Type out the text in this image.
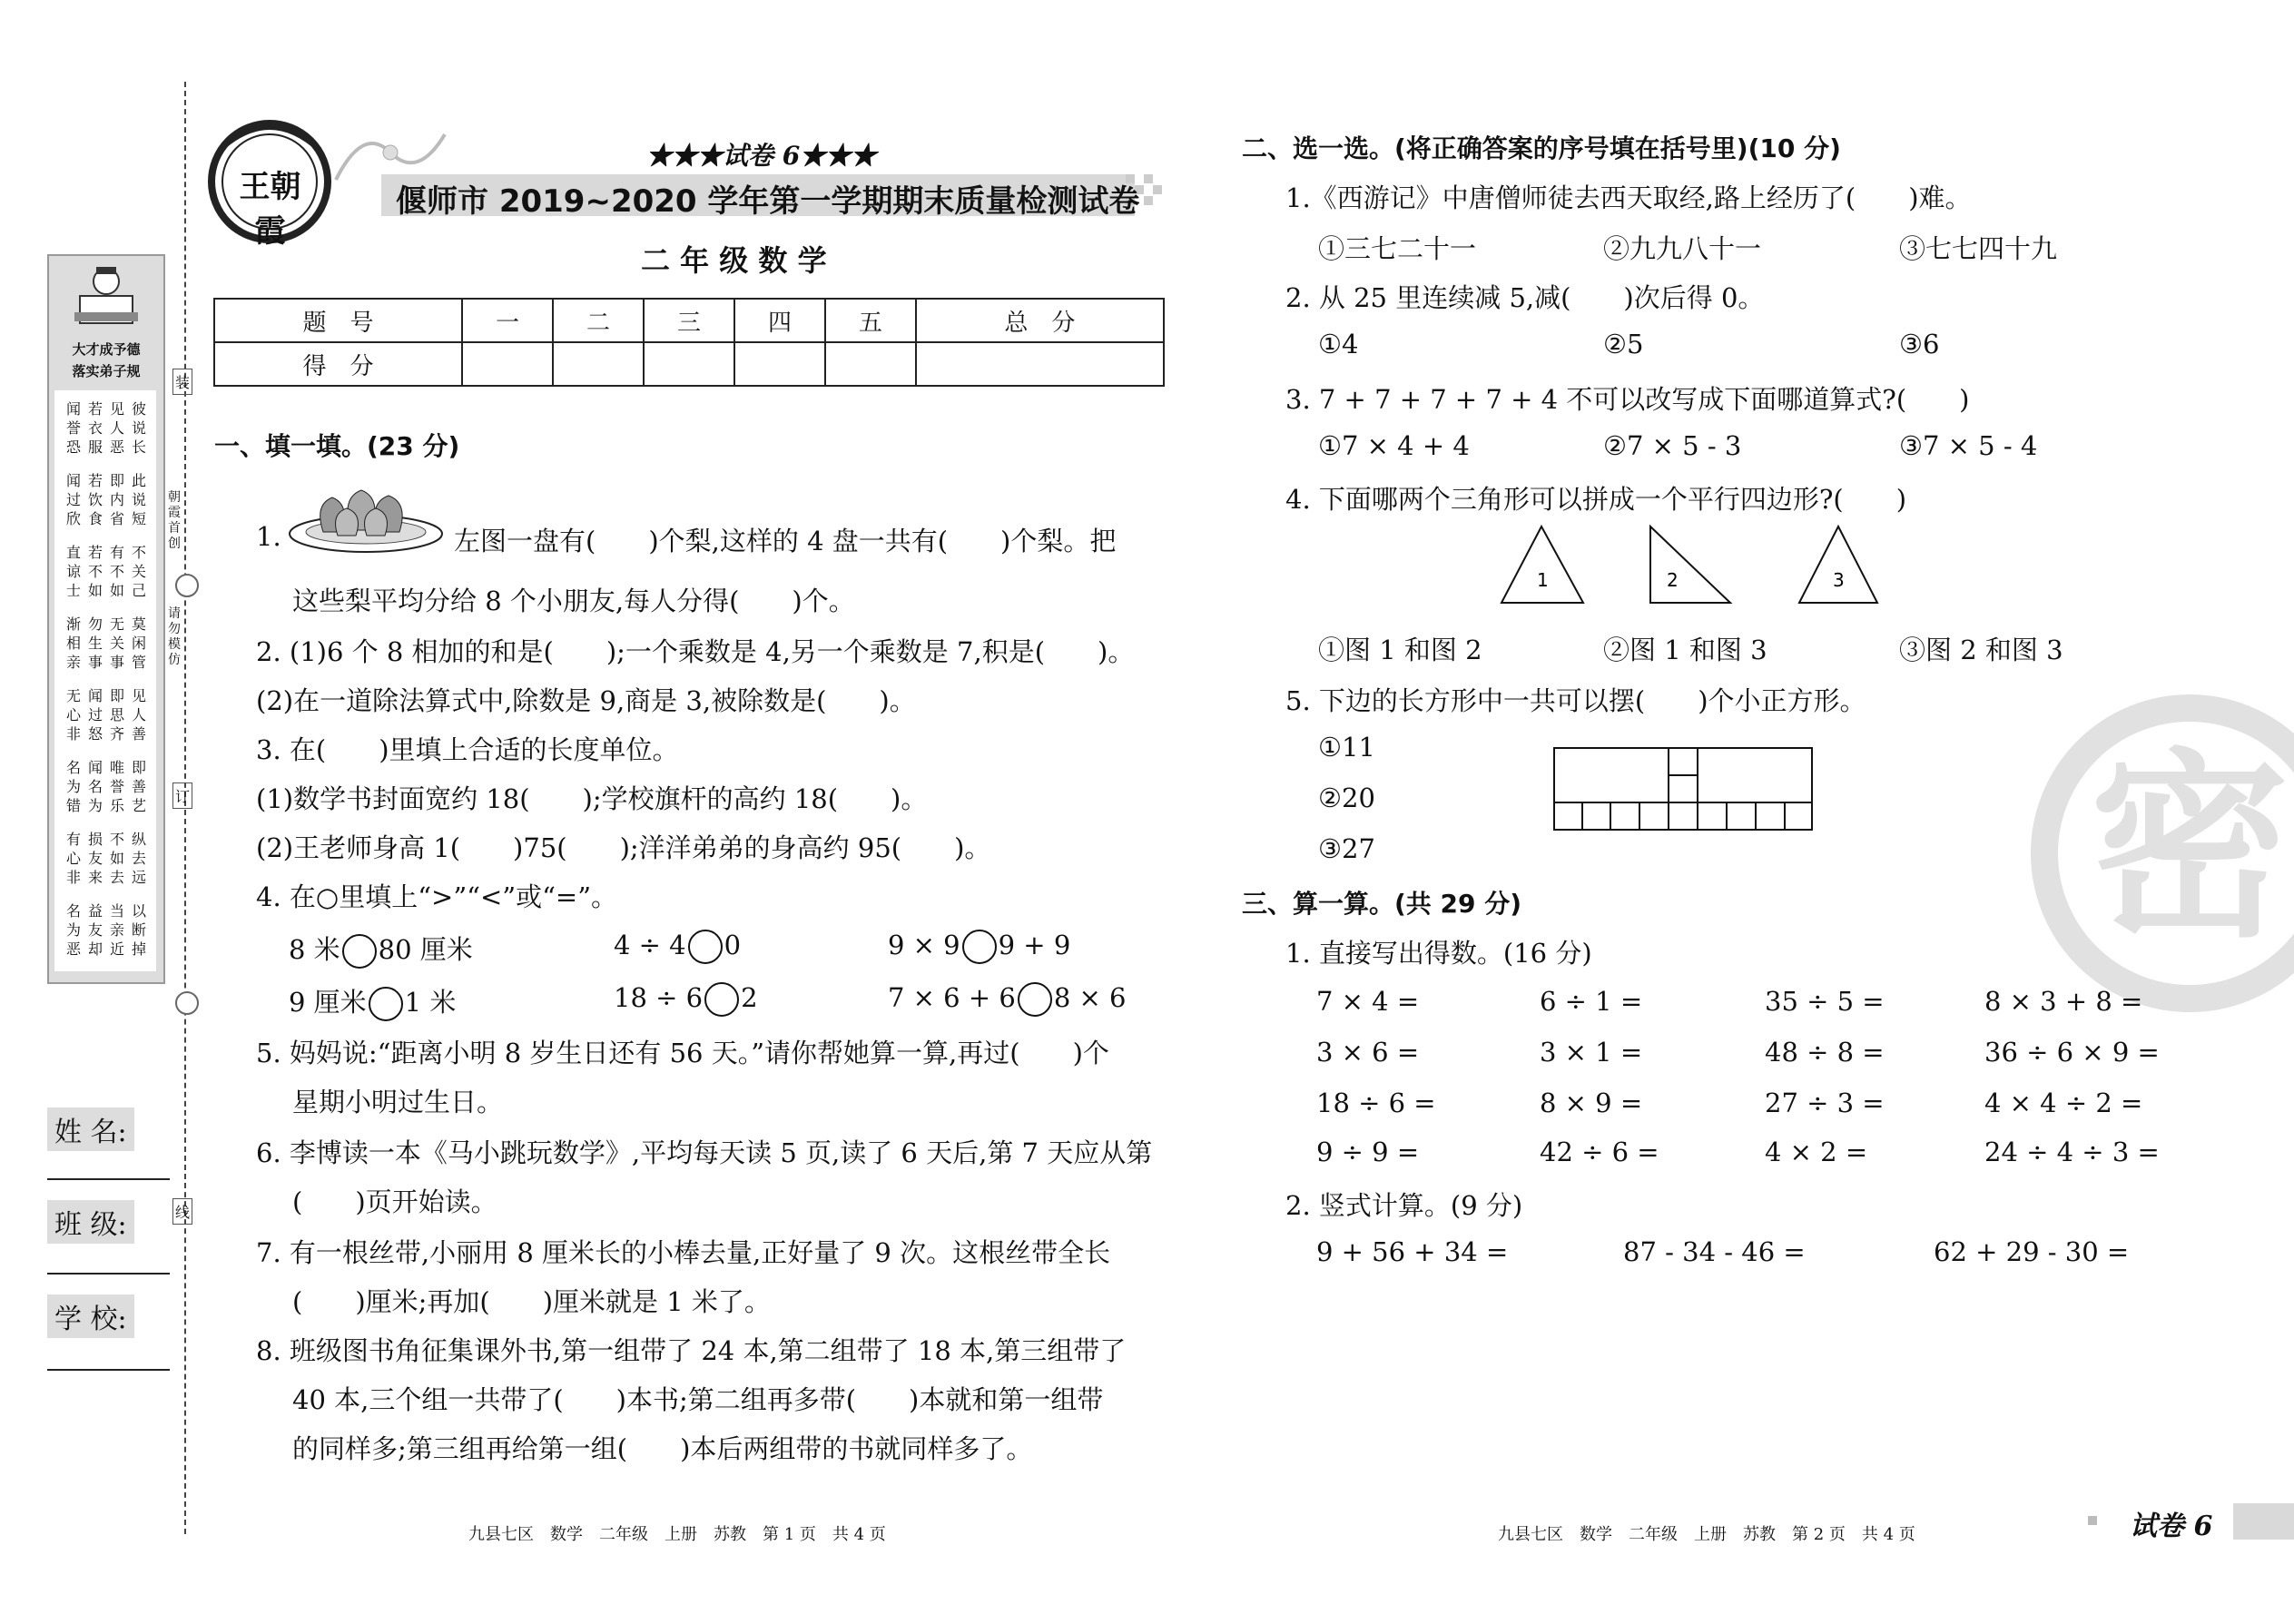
大才成予德
落实弟子规
彼说长
见人恶
若衣服
闻誉恐
此说短
即内省
若饮食
闻过欣
不关己
有不如
若不如
直谅士
莫闲管
无关事
勿生事
渐相亲
见人善
即思齐
闻过怒
无心非
即善艺
唯誉乐
闻名为
名为错
纵去远
不如去
损友来
有心非
以断掉
当亲近
益友却
名为恶
朝霞首创
请勿模仿
装
订
线
姓 名:
班 级:
学 校:
王朝霞
★★★试卷 6★★★
偃师市 2019~2020 学年第一学期期末质量检测试卷
二 年 级 数 学
题　号	一	二	三	四	五	总　分
得　分						
一、填一填。(23 分)
1.	左图一盘有(　　)个梨,这样的 4 盘一共有(　　)个梨。把
这些梨平均分给 8 个小朋友,每人分得(　　)个。
2. (1)6 个 8 相加的和是(　　);一个乘数是 4,另一个乘数是 7,积是(　　)。
(2)在一道除法算式中,除数是 9,商是 3,被除数是(　　)。
3. 在(　　)里填上合适的长度单位。
(1)数学书封面宽约 18(　　);学校旗杆的高约 18(　　)。
(2)王老师身高 1(　　)75(　　);洋洋弟弟的身高约 95(　　)。
4. 在○里填上“>”“<”或“=”。
8 米 80 厘米	4 ÷ 4 0	9 × 9 9 + 9
9 厘米 1 米	18 ÷ 6 2	7 × 6 + 6 8 × 6
5. 妈妈说:“距离小明 8 岁生日还有 56 天。”请你帮她算一算,再过(　　)个
星期小明过生日。
6. 李博读一本《马小跳玩数学》,平均每天读 5 页,读了 6 天后,第 7 天应从第
(　　)页开始读。
7. 有一根丝带,小丽用 8 厘米长的小棒去量,正好量了 9 次。这根丝带全长
(　　)厘米;再加(　　)厘米就是 1 米了。
8. 班级图书角征集课外书,第一组带了 24 本,第二组带了 18 本,第三组带了
40 本,三个组一共带了(　　)本书;第二组再多带(　　)本就和第一组带
的同样多;第三组再给第一组(　　)本后两组带的书就同样多了。
九县七区　数学　二年级　上册　苏教　第 1 页　共 4 页
密
二、选一选。(将正确答案的序号填在括号里)(10 分)
1.《西游记》中唐僧师徒去西天取经,路上经历了(　　)难。
①三七二十一	②九九八十一	③七七四十九
2. 从 25 里连续减 5,减(　　)次后得 0。
①4	②5	③6
3. 7 + 7 + 7 + 7 + 4 不可以改写成下面哪道算式?(　　)
①7 × 4 + 4	②7 × 5 - 3	③7 × 5 - 4
4. 下面哪两个三角形可以拼成一个平行四边形?(　　)
1	2	3
①图 1 和图 2	②图 1 和图 3	③图 2 和图 3
5. 下边的长方形中一共可以摆(　　)个小正方形。
①11
②20
③27
三、算一算。(共 29 分)
1. 直接写出得数。(16 分)
7 × 4 =	6 ÷ 1 =	35 ÷ 5 =	8 × 3 + 8 =
3 × 6 =	3 × 1 =	48 ÷ 8 =	36 ÷ 6 × 9 =
18 ÷ 6 =	8 × 9 =	27 ÷ 3 =	4 × 4 ÷ 2 =
9 ÷ 9 =	42 ÷ 6 =	4 × 2 =	24 ÷ 4 ÷ 3 =
2. 竖式计算。(9 分)
9 + 56 + 34 =	87 - 34 - 46 =	62 + 29 - 30 =
九县七区　数学　二年级　上册　苏教　第 2 页　共 4 页	试卷 6
